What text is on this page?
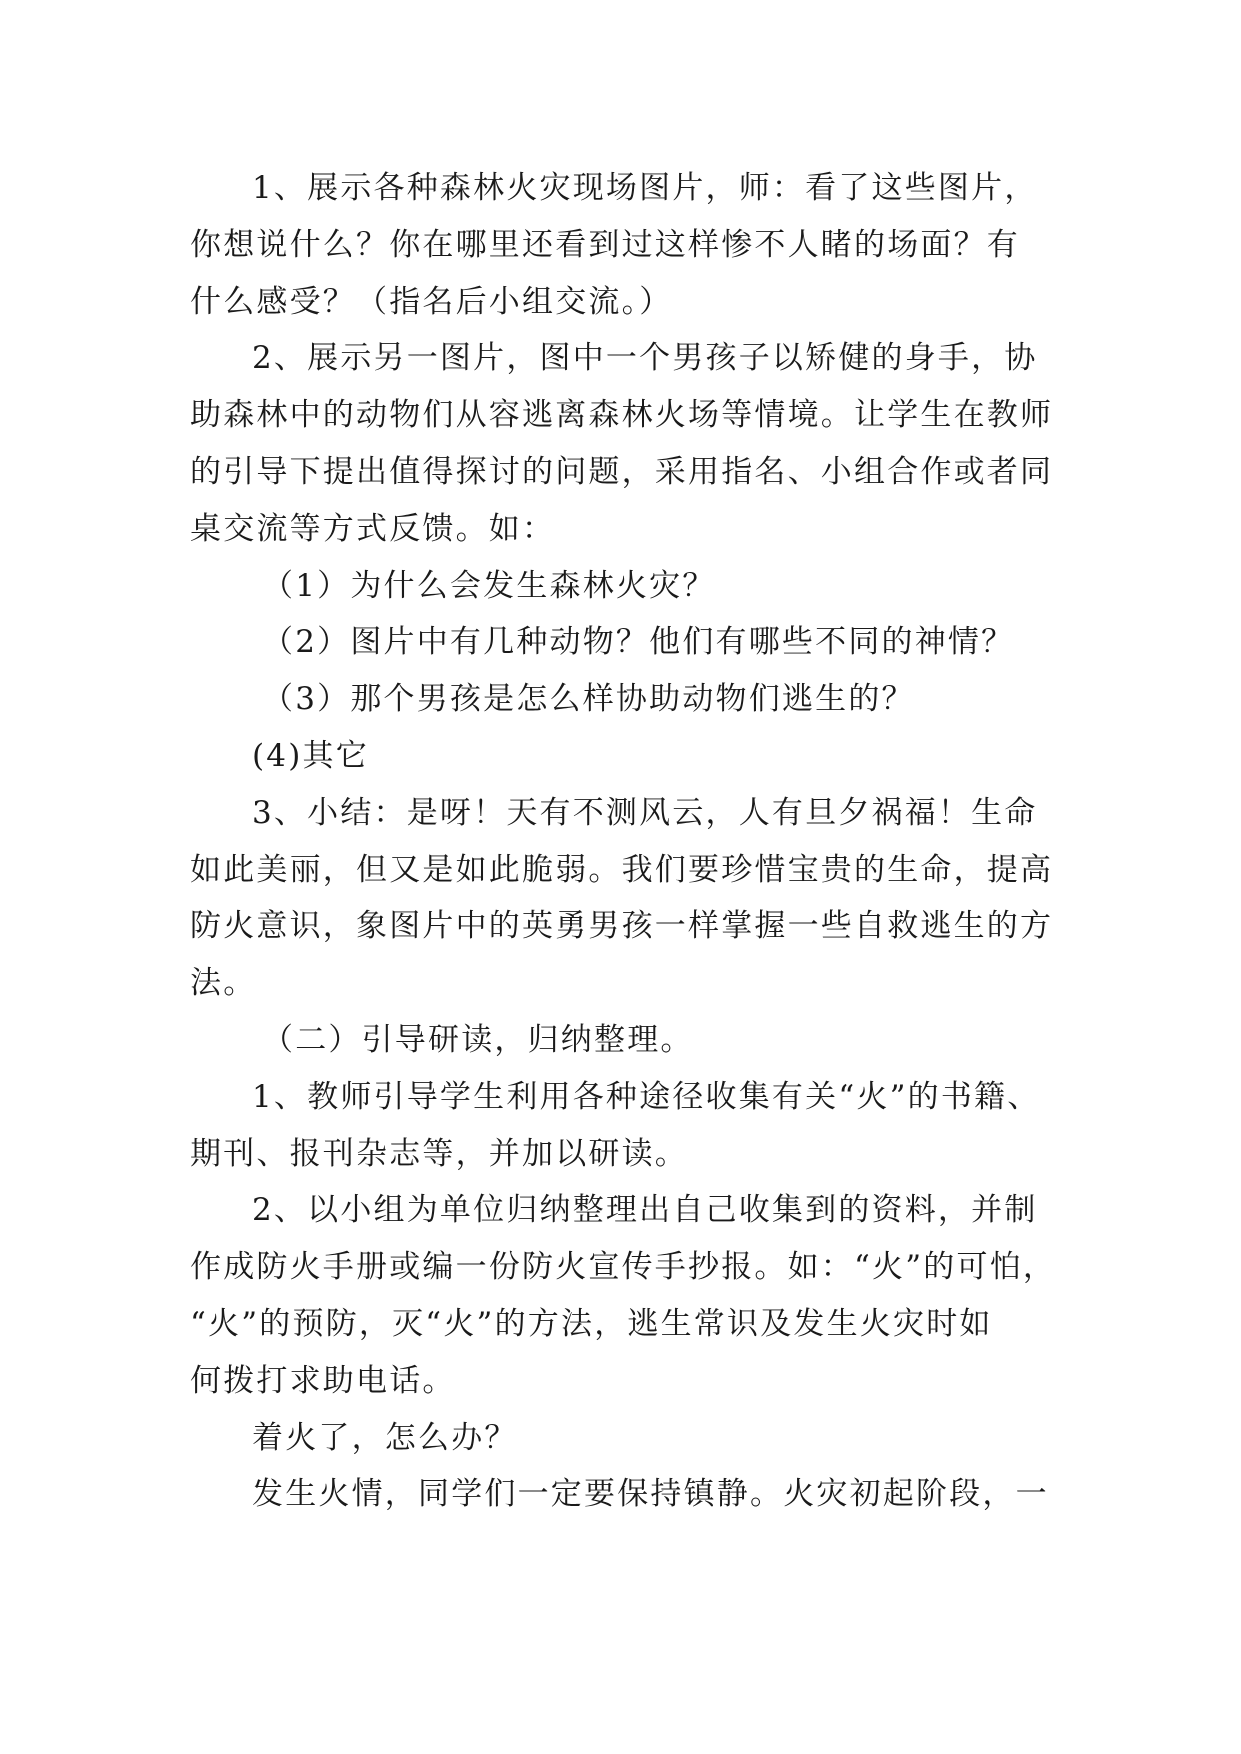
1、展示各种森林火灾现场图片，师：看了这些图片，
你想说什么？你在哪里还看到过这样惨不人睹的场面？有
什么感受？（指名后小组交流。）
2、展示另一图片，图中一个男孩子以矫健的身手，协
助森林中的动物们从容逃离森林火场等情境。让学生在教师
的引导下提出值得探讨的问题，采用指名、小组合作或者同
桌交流等方式反馈。如：
（1）为什么会发生森林火灾？
（2）图片中有几种动物？他们有哪些不同的神情？
（3）那个男孩是怎么样协助动物们逃生的？
(4)其它
3、小结：是呀！天有不测风云，人有旦夕祸福！生命
如此美丽，但又是如此脆弱。我们要珍惜宝贵的生命，提高
防火意识，象图片中的英勇男孩一样掌握一些自救逃生的方
法。
（二）引导研读，归纳整理。
1、教师引导学生利用各种途径收集有关“火”的书籍、
期刊、报刊杂志等，并加以研读。
2、以小组为单位归纳整理出自己收集到的资料，并制
作成防火手册或编一份防火宣传手抄报。如：“火”的可怕，
“火”的预防，灭“火”的方法，逃生常识及发生火灾时如
何拨打求助电话。
着火了，怎么办？
发生火情，同学们一定要保持镇静。火灾初起阶段，一
